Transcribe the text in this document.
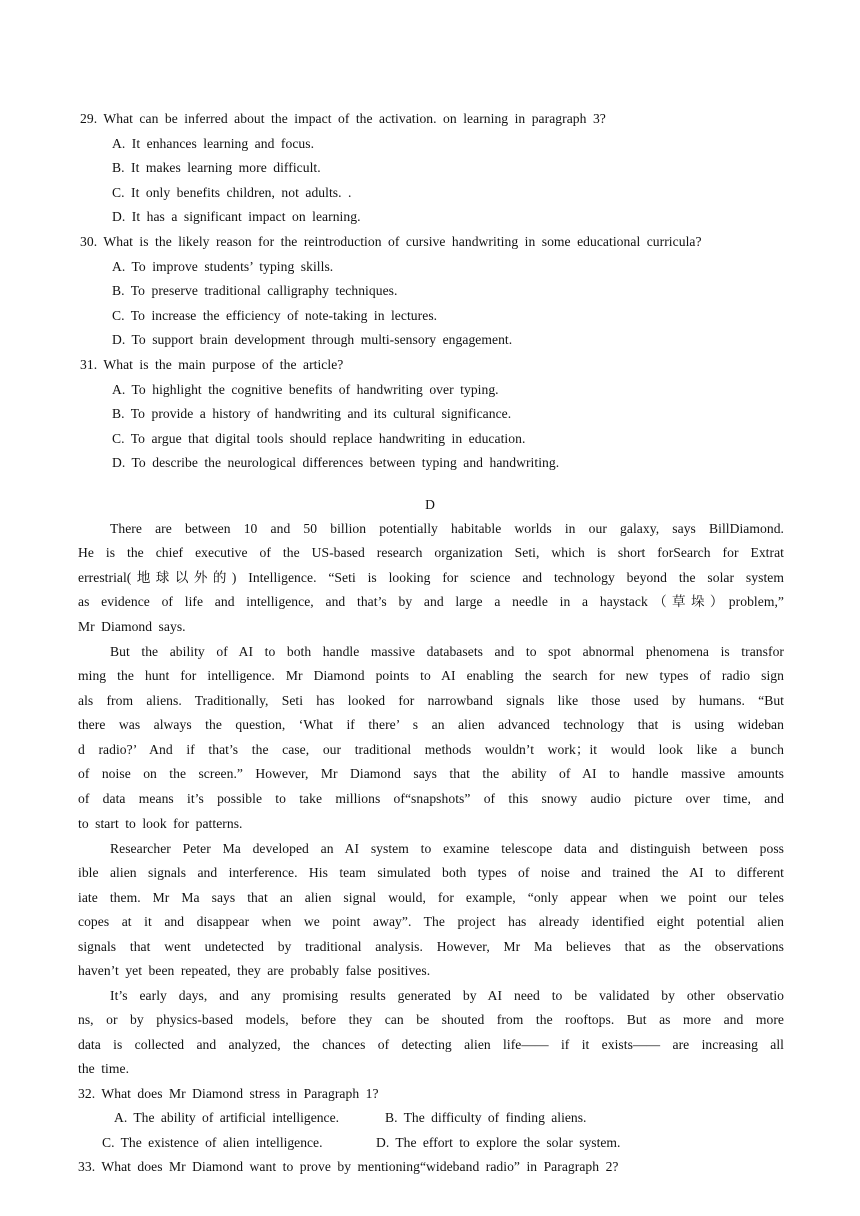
29. What can be inferred about the impact of the activation. on learning in paragraph 3?
A. It enhances learning and focus.
B. It makes learning more difficult.
C. It only benefits children, not adults. .
D. It has a significant impact on learning.
30. What is the likely reason for the reintroduction of cursive handwriting in some educational curricula?
A. To improve students’ typing skills.
B. To preserve traditional calligraphy techniques.
C. To increase the efficiency of note-taking in lectures.
D. To support brain development through multi-sensory engagement.
31. What is the main purpose of the article?
A. To highlight the cognitive benefits of handwriting over typing.
B. To provide a history of handwriting and its cultural significance.
C. To argue that digital tools should replace handwriting in education.
D. To describe the neurological differences between typing and handwriting.
D
There are between 10 and 50 billion potentially habitable worlds in our galaxy, says BillDiamond.
He is the chief executive of the US-based research organization Seti, which is short forSearch for Extrat
errestrial(地球以外的) Intelligence. “Seti is looking for science and technology beyond the solar system
as evidence of life and intelligence, and that’s by and large a needle in a haystack（草垛）problem,”
Mr Diamond says.
But the ability of AI to both handle massive databasets and to spot abnormal phenomena is transfor
ming the hunt for intelligence. Mr Diamond points to AI enabling the search for new types of radio sign
als from aliens. Traditionally, Seti has looked for narrowband signals like those used by humans. “But
there was always the question, ‘What if there’ s an alien advanced technology that is using wideban
d radio?’ And if that’s the case, our traditional methods wouldn’t work；it would look like a bunch
of noise on the screen.” However, Mr Diamond says that the ability of AI to handle massive amounts
of data means it’s possible to take millions of“snapshots” of this snowy audio picture over time, and
to start to look for patterns.
Researcher Peter Ma developed an AI system to examine telescope data and distinguish between poss
ible alien signals and interference. His team simulated both types of noise and trained the AI to different
iate them. Mr Ma says that an alien signal would, for example, “only appear when we point our teles
copes at it and disappear when we point away”. The project has already identified eight potential alien
signals that went undetected by traditional analysis. However, Mr Ma believes that as the observations
haven’t yet been repeated, they are probably false positives.
It’s early days, and any promising results generated by AI need to be validated by other observatio
ns, or by physics-based models, before they can be shouted from the rooftops. But as more and more
data is collected and analyzed, the chances of detecting alien life—— if it exists—— are increasing all
the time.
32. What does Mr Diamond stress in Paragraph 1?
A. The ability of artificial intelligence.	B. The difficulty of finding aliens.
C. The existence of alien intelligence.	D. The effort to explore the solar system.
33. What does Mr Diamond want to prove by mentioning“wideband radio” in Paragraph 2?
